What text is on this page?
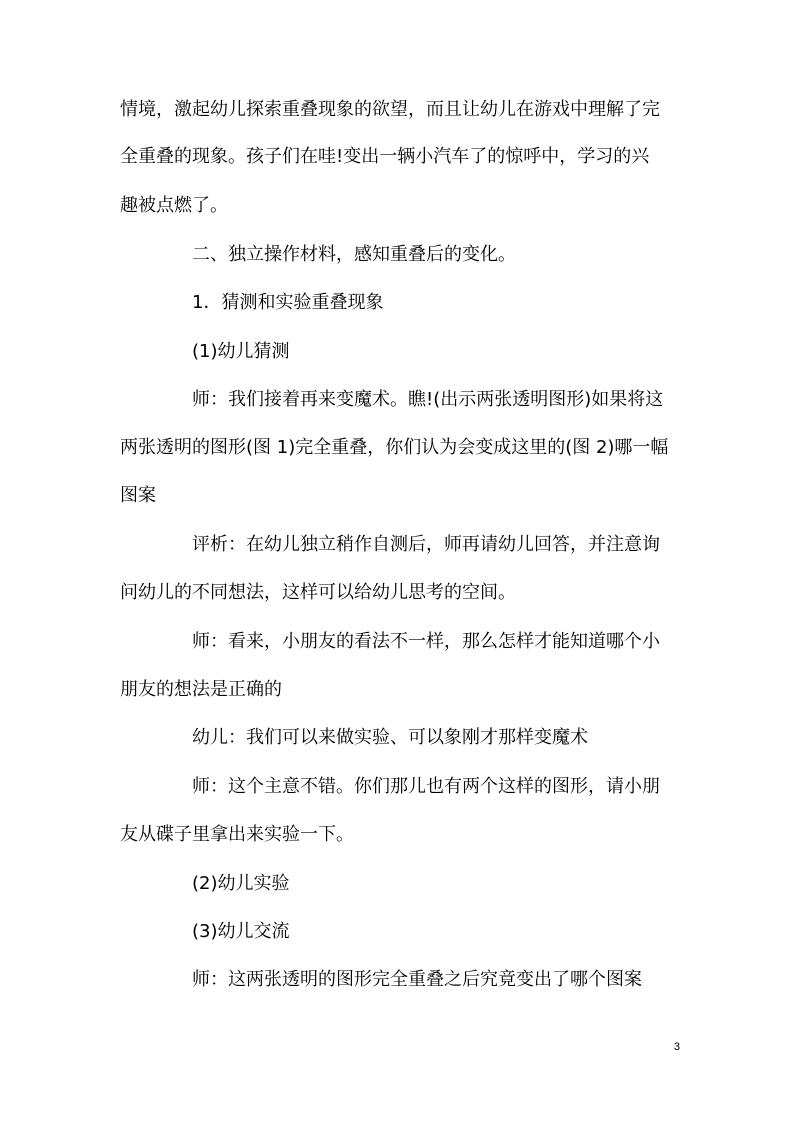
情境，激起幼儿探索重叠现象的欲望，而且让幼儿在游戏中理解了完
全重叠的现象。孩子们在哇!变出一辆小汽车了的惊呼中，学习的兴
趣被点燃了。
二、独立操作材料，感知重叠后的变化。
1．猜测和实验重叠现象
(1)幼儿猜测
师：我们接着再来变魔术。瞧!(出示两张透明图形)如果将这
两张透明的图形(图 1)完全重叠，你们认为会变成这里的(图 2)哪一幅
图案
评析：在幼儿独立稍作自测后，师再请幼儿回答，并注意询
问幼儿的不同想法，这样可以给幼儿思考的空间。
师：看来，小朋友的看法不一样，那么怎样才能知道哪个小
朋友的想法是正确的
幼儿：我们可以来做实验、可以象刚才那样变魔术
师：这个主意不错。你们那儿也有两个这样的图形，请小朋
友从碟子里拿出来实验一下。
(2)幼儿实验
(3)幼儿交流
师：这两张透明的图形完全重叠之后究竟变出了哪个图案
3
